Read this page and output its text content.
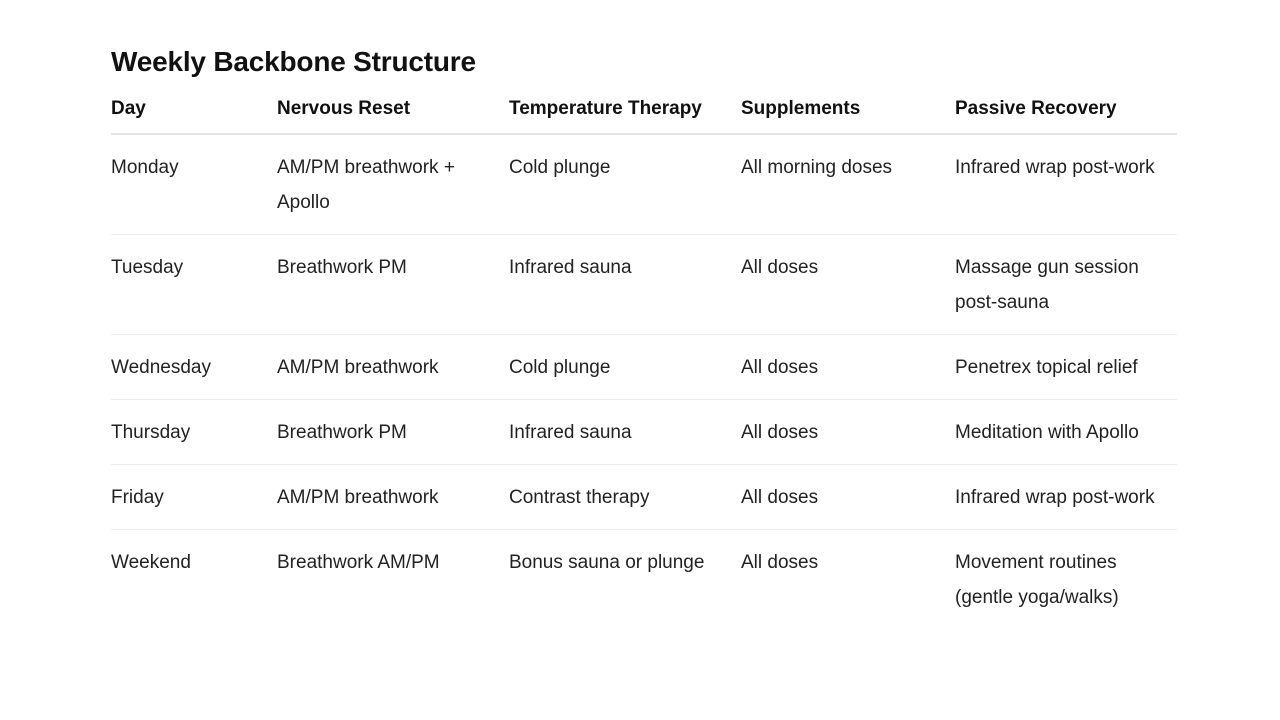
Weekly Backbone Structure
Day	Nervous Reset	Temperature Therapy	Supplements	Passive Recovery
Monday	AM/PM breathwork + Apollo	Cold plunge	All morning doses	Infrared wrap post-work
Tuesday	Breathwork PM	Infrared sauna	All doses	Massage gun session post-sauna
Wednesday	AM/PM breathwork	Cold plunge	All doses	Penetrex topical relief
Thursday	Breathwork PM	Infrared sauna	All doses	Meditation with Apollo
Friday	AM/PM breathwork	Contrast therapy	All doses	Infrared wrap post-work
Weekend	Breathwork AM/PM	Bonus sauna or plunge	All doses	Movement routines (gentle yoga/walks)
